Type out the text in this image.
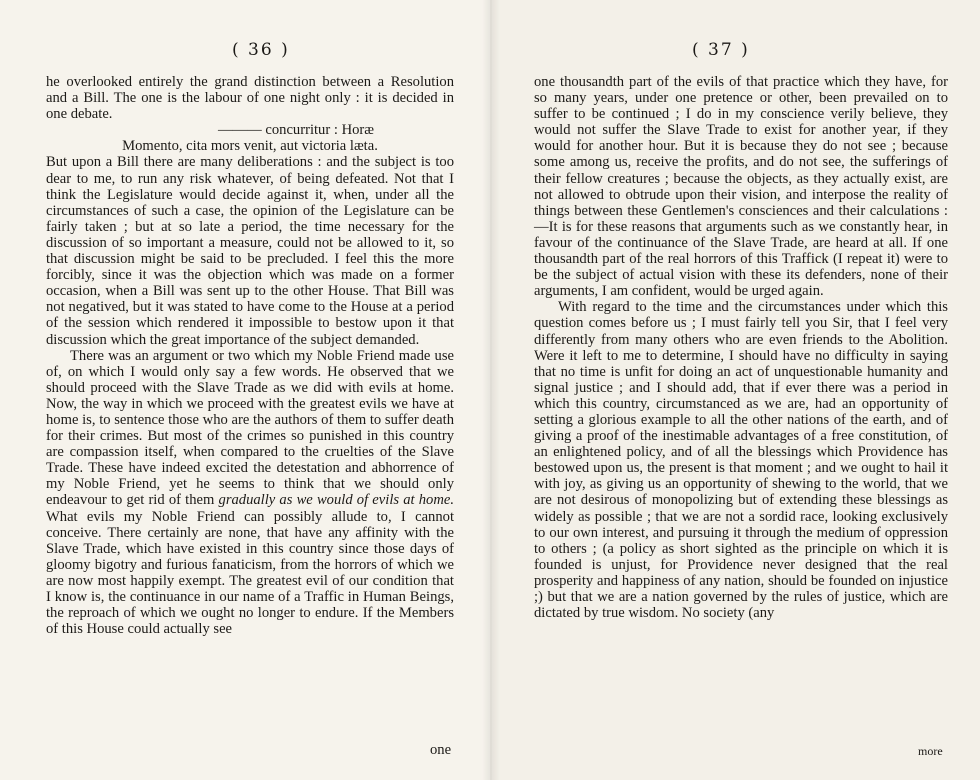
( 36 )

he overlooked entirely the grand distinction between a Resolution and a Bill. The one is the labour of one night only : it is decided in one debate.

——— concurritur : Horæ

Momento, cita mors venit, aut victoria læta.

But upon a Bill there are many deliberations : and the subject is too dear to me, to run any risk whatever, of being defeated. Not that I think the Legislature would decide against it, when, under all the circumstances of such a case, the opinion of the Legislature can be fairly taken ; but at so late a period, the time necessary for the discussion of so important a measure, could not be allowed to it, so that discussion might be said to be precluded. I feel this the more forcibly, since it was the objection which was made on a former occasion, when a Bill was sent up to the other House. That Bill was not negatived, but it was stated to have come to the House at a period of the session which rendered it impossible to bestow upon it that discussion which the great importance of the subject demanded.

There was an argument or two which my Noble Friend made use of, on which I would only say a few words. He observed that we should proceed with the Slave Trade as we did with evils at home. Now, the way in which we proceed with the greatest evils we have at home is, to sentence those who are the authors of them to suffer death for their crimes. But most of the crimes so punished in this country are compassion itself, when compared to the cruelties of the Slave Trade. These have indeed excited the detestation and abhorrence of my Noble Friend, yet he seems to think that we should only endeavour to get rid of them gradually as we would of evils at home. What evils my Noble Friend can possibly allude to, I cannot conceive. There certainly are none, that have any affinity with the Slave Trade, which have existed in this country since those days of gloomy bigotry and furious fanaticism, from the horrors of which we are now most happily exempt. The greatest evil of our condition that I know is, the continuance in our name of a Traffic in Human Beings, the reproach of which we ought no longer to endure. If the Members of this House could actually see

one
( 37 )

one thousandth part of the evils of that practice which they have, for so many years, under one pretence or other, been prevailed on to suffer to be continued ; I do in my conscience verily believe, they would not suffer the Slave Trade to exist for another year, if they would for another hour. But it is because they do not see ; because some among us, receive the profits, and do not see, the sufferings of their fellow creatures ; because the objects, as they actually exist, are not allowed to obtrude upon their vision, and interpose the reality of things between these Gentlemen's consciences and their calculations :—It is for these reasons that arguments such as we constantly hear, in favour of the continuance of the Slave Trade, are heard at all. If one thousandth part of the real horrors of this Traffick (I repeat it) were to be the subject of actual vision with these its defenders, none of their arguments, I am confident, would be urged again.

With regard to the time and the circumstances under which this question comes before us ; I must fairly tell you Sir, that I feel very differently from many others who are even friends to the Abolition. Were it left to me to determine, I should have no difficulty in saying that no time is unfit for doing an act of unquestionable humanity and signal justice ; and I should add, that if ever there was a period in which this country, circumstanced as we are, had an opportunity of setting a glorious example to all the other nations of the earth, and of giving a proof of the inestimable advantages of a free constitution, of an enlightened policy, and of all the blessings which Providence has bestowed upon us, the present is that moment ; and we ought to hail it with joy, as giving us an opportunity of shewing to the world, that we are not desirous of monopolizing but of extending these blessings as widely as possible ; that we are not a sordid race, looking exclusively to our own interest, and pursuing it through the medium of oppression to others ; (a policy as short sighted as the principle on which it is founded is unjust, for Providence never designed that the real prosperity and happiness of any nation, should be founded on injustice ;) but that we are a nation governed by the rules of justice, which are dictated by true wisdom. No society (any

more
